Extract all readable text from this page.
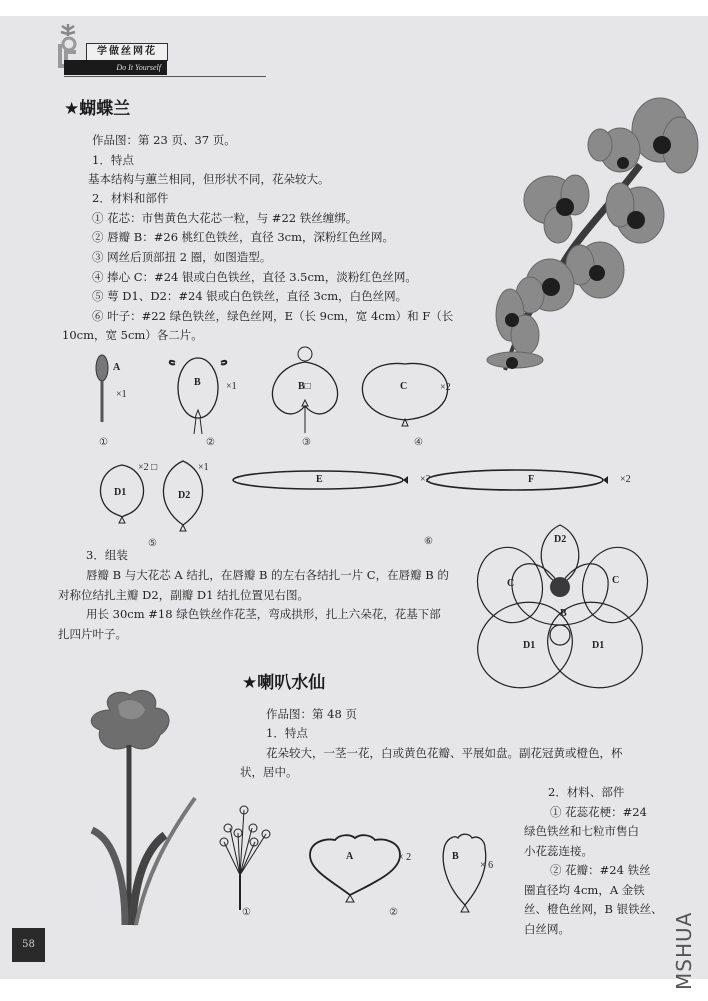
学做丝网花
Do It Yourself
★蝴蝶兰
作品图：第 23 页、37 页。
1．特点
基本结构与蕙兰相同，但形状不同，花朵较大。
2．材料和部件
① 花芯：市售黄色大花芯一粒，与 #22 铁丝缠绑。
② 唇瓣 B：#26 桃红色铁丝，直径 3cm，深粉红色丝网。
③ 网丝后顶部扭 2 圈，如图造型。
④ 捧心 C：#24 银或白色铁丝，直径 3.5cm，淡粉红色丝网。
⑤ 萼 D1、D2：#24 银或白色铁丝，直径 3cm，白色丝网。
⑥ 叶子：#22 绿色铁丝，绿色丝网，E（长 9cm，宽 4cm）和 F（长
10cm，宽 5cm）各二片。
A
×1
B	×1	B□	C	×2
①	②	③	④
D1
×2 □
D2
×1
E	×2	F	×2
⑤	⑥	D2
C	C
B
D1	D1
3．组装
唇瓣 B 与大花芯 A 结扎，在唇瓣 B 的左右各结扎一片 C，在唇瓣 B 的
对称位结扎主瓣 D2，副瓣 D1 结扎位置见右图。
用长 30cm #18 绿色铁丝作花茎，弯成拱形，扎上六朵花，花基下部
扎四片叶子。
★喇叭水仙
作品图：第 48 页
1．特点
花朵较大，一茎一花，白或黄色花瓣、平展如盘。副花冠黄或橙色，杯
状，居中。
2．材料、部件
① 花蕊花梗：#24
绿色铁丝和七粒市售白
小花蕊连接。
② 花瓣：#24 铁丝
圈直径均 4cm，A 金铁
丝、橙色丝网，B 银铁丝、
白丝网。
A	× 2	B
× 6
①	②
58	MSHUA
